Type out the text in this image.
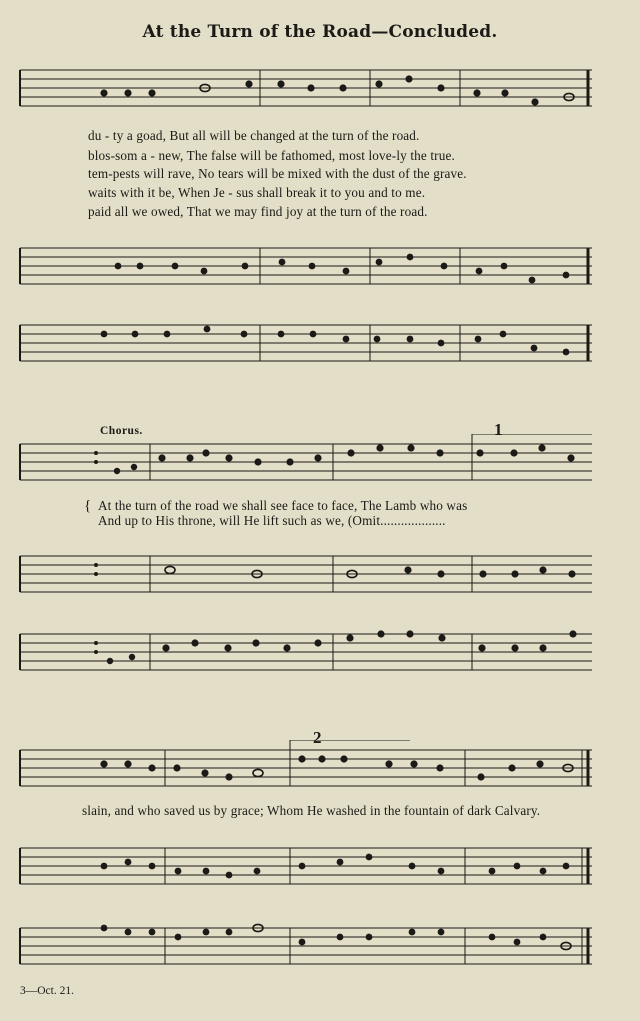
At the Turn of the Road—Concluded.
du - ty a goad, But all will be changed at the turn of the road.
blos-som a - new, The false will be fathomed, most love-ly the true.
tem-pests will rave, No tears will be mixed with the dust of the grave.
waits with it be, When Je - sus shall break it to you and to me.
paid all we owed, That we may find joy at the turn of the road.
Chorus.	1
{ At the turn of the road we shall see face to face, The Lamb who was
And up to His throne, will He lift such as we, (Omit...................
2
slain, and who saved us by grace; Whom He washed in the fountain of dark Calvary.
3—Oct. 21.
